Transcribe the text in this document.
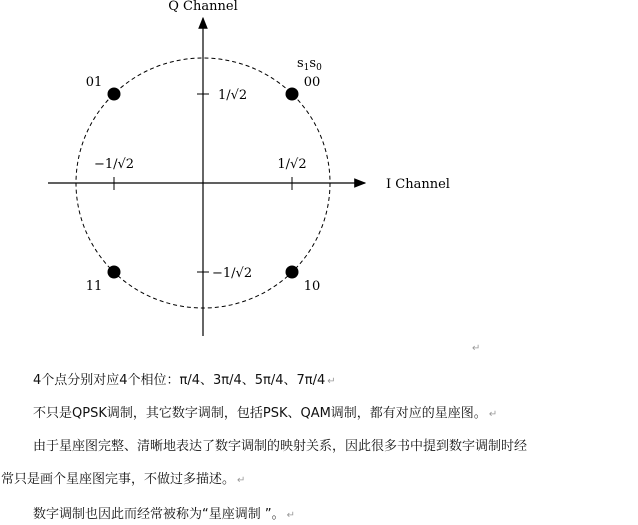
Q Channel
I Channel
1/√2
−1/√2
1/√2
−1/√2
$s_1s_0$
01	00
11	10
↵
4个点分别对应4个相位：π/4、3π/4、5π/4、7π/4 ↵
不只是QPSK调制，其它数字调制，包括PSK、QAM调制，都有对应的星座图。 ↵
由于星座图完整、清晰地表达了数字调制的映射关系，因此很多书中提到数字调制时经
常只是画个星座图完事，不做过多描述。 ↵
数字调制也因此而经常被称为“星座调制 ”。 ↵
